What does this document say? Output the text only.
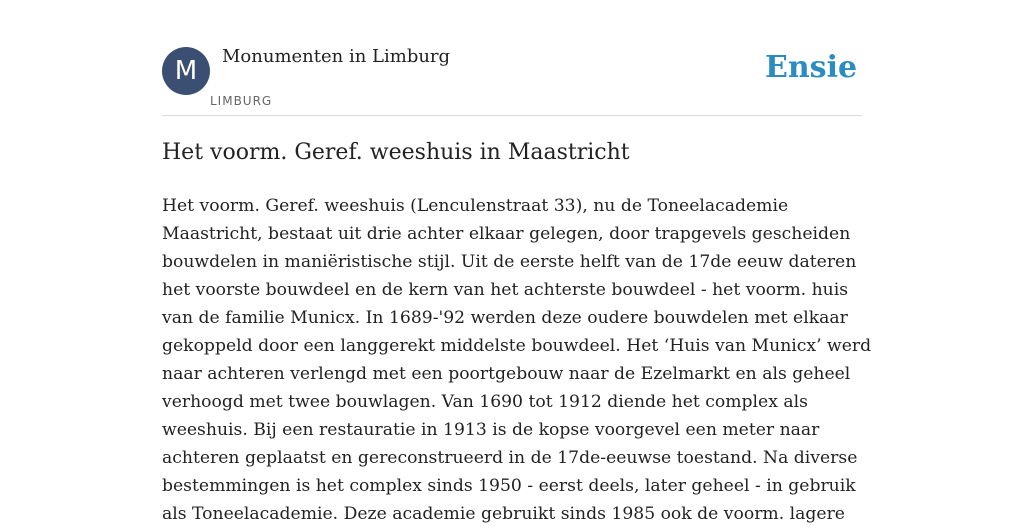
M Monumenten in Limburg
LIMBURG
Ensie
Het voorm. Geref. weeshuis in Maastricht
Het voorm. Geref. weeshuis (Lenculenstraat 33), nu de Toneelacademie
Maastricht, bestaat uit drie achter elkaar gelegen, door trapgevels gescheiden
bouwdelen in maniëristische stijl. Uit de eerste helft van de 17de eeuw dateren
het voorste bouwdeel en de kern van het achterste bouwdeel - het voorm. huis
van de familie Municx. In 1689-'92 werden deze oudere bouwdelen met elkaar
gekoppeld door een langgerekt middelste bouwdeel. Het ‘Huis van Municx’ werd
naar achteren verlengd met een poortgebouw naar de Ezelmarkt en als geheel
verhoogd met twee bouwlagen. Van 1690 tot 1912 diende het complex als
weeshuis. Bij een restauratie in 1913 is de kopse voorgevel een meter naar
achteren geplaatst en gereconstrueerd in de 17de-eeuwse toestand. Na diverse
bestemmingen is het complex sinds 1950 - eerst deels, later geheel - in gebruik
als Toneelacademie. Deze academie gebruikt sinds 1985 ook de voorm. lagere
